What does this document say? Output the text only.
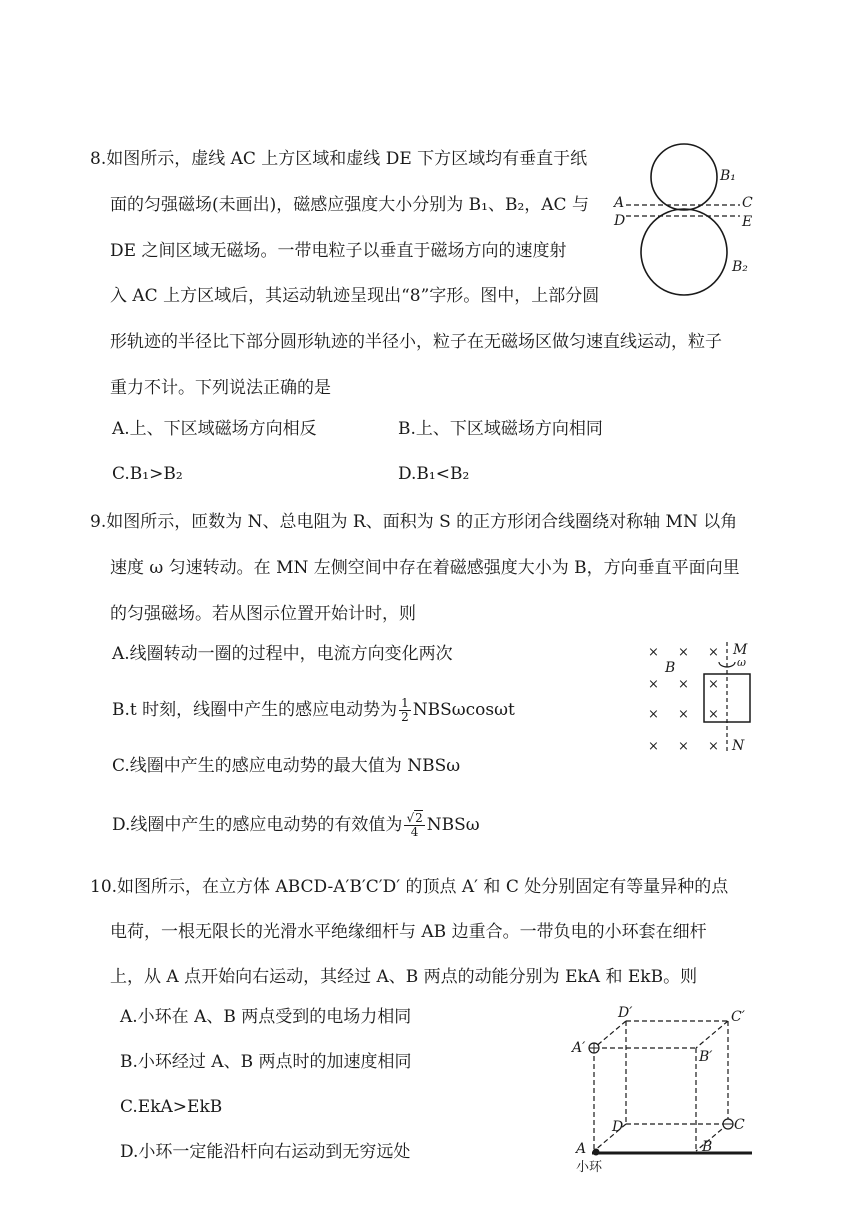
8.如图所示，虚线 AC 上方区域和虚线 DE 下方区域均有垂直于纸
面的匀强磁场(未画出)，磁感应强度大小分别为 B₁、B₂，AC 与
DE 之间区域无磁场。一带电粒子以垂直于磁场方向的速度射
入 AC 上方区域后，其运动轨迹呈现出“8”字形。图中，上部分圆
形轨迹的半径比下部分圆形轨迹的半径小，粒子在无磁场区做匀速直线运动，粒子
重力不计。下列说法正确的是
A.上、下区域磁场方向相反	B.上、下区域磁场方向相同
C.B₁>B₂	D.B₁<B₂
A	C
D	E
B₁
B₂
9.如图所示，匝数为 N、总电阻为 R、面积为 S 的正方形闭合线圈绕对称轴 MN 以角
速度 ω 匀速转动。在 MN 左侧空间中存在着磁感强度大小为 B，方向垂直平面向里
的匀强磁场。若从图示位置开始计时，则
A.线圈转动一圈的过程中，电流方向变化两次
B.t 时刻，线圈中产生的感应电动势为 $\frac{1}{2}$ NBSωcosωt
C.线圈中产生的感应电动势的最大值为 NBSω
D.线圈中产生的感应电动势的有效值为 $\frac{√2}{4}$ NBSω
× × ×
× × ×
× × ×
× × ×
M
ω
N
B
10.如图所示，在立方体 ABCD-A′B′C′D′ 的顶点 A′ 和 C 处分别固定有等量异种的点
电荷，一根无限长的光滑水平绝缘细杆与 AB 边重合。一带负电的小环套在细杆
上，从 A 点开始向右运动，其经过 A、B 两点的动能分别为 EkA 和 EkB。则
A.小环在 A、B 两点受到的电场力相同
B.小环经过 A、B 两点时的加速度相同
C.EkA>EkB
D.小环一定能沿杆向右运动到无穷远处
D′	C′
A′
B′
D	C
A	B
小环
